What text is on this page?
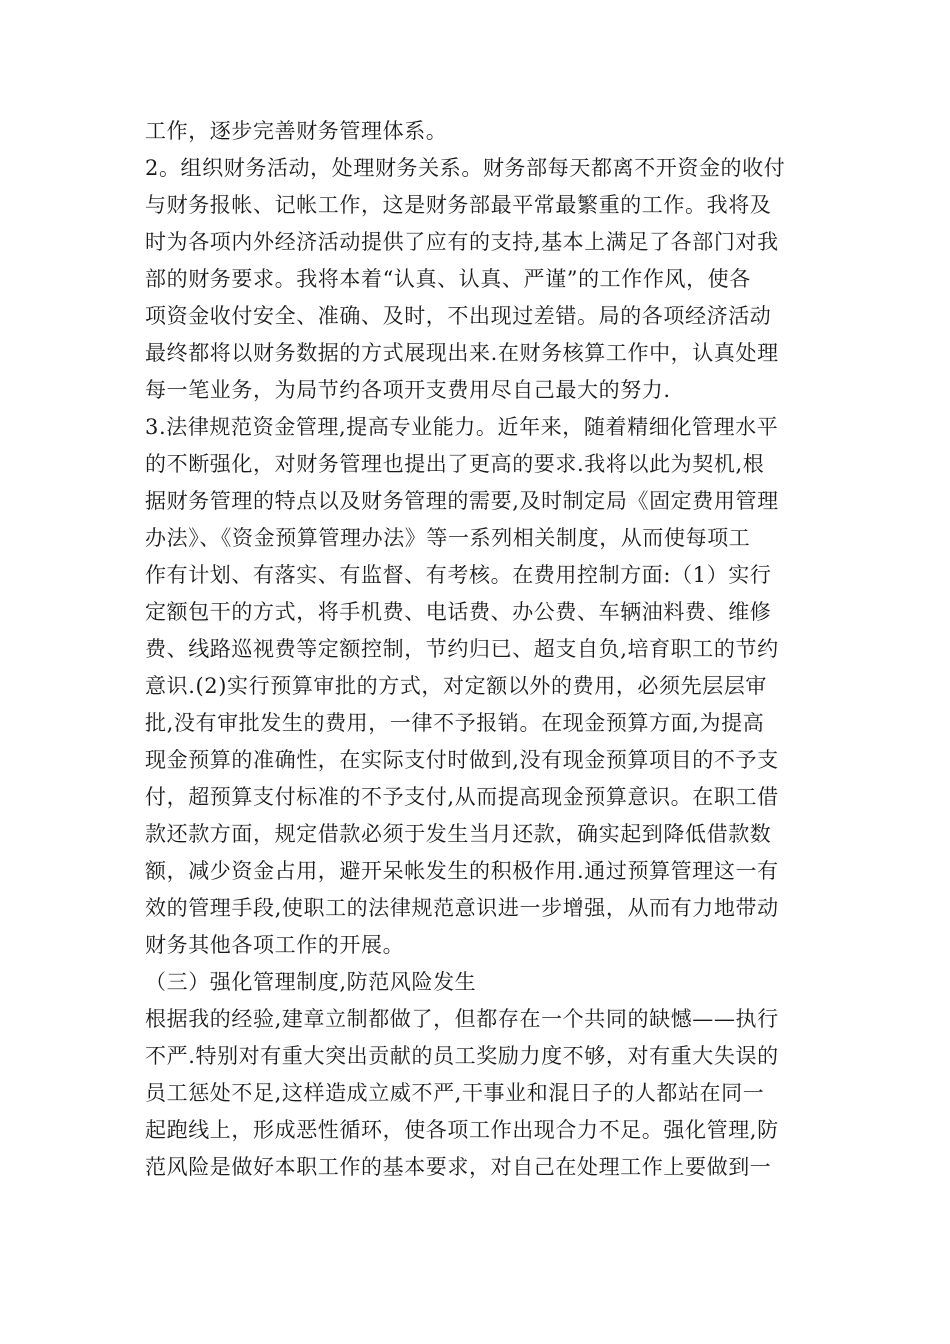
工作，逐步完善财务管理体系。
2。组织财务活动，处理财务关系。财务部每天都离不开资金的收付
与财务报帐、记帐工作，这是财务部最平常最繁重的工作。我将及
时为各项内外经济活动提供了应有的支持,基本上满足了各部门对我
部的财务要求。我将本着“认真、认真、严谨”的工作作风，使各
项资金收付安全、准确、及时，不出现过差错。局的各项经济活动
最终都将以财务数据的方式展现出来.在财务核算工作中，认真处理
每一笔业务，为局节约各项开支费用尽自己最大的努力.
3.法律规范资金管理,提高专业能力。近年来，随着精细化管理水平
的不断强化，对财务管理也提出了更高的要求.我将以此为契机,根
据财务管理的特点以及财务管理的需要,及时制定局《固定费用管理
办法》、《资金预算管理办法》等一系列相关制度，从而使每项工
作有计划、有落实、有监督、有考核。在费用控制方面:（1）实行
定额包干的方式，将手机费、电话费、办公费、车辆油料费、维修
费、线路巡视费等定额控制，节约归已、超支自负,培育职工的节约
意识.(2)实行预算审批的方式，对定额以外的费用，必须先层层审
批,没有审批发生的费用，一律不予报销。在现金预算方面,为提高
现金预算的准确性，在实际支付时做到,没有现金预算项目的不予支
付，超预算支付标准的不予支付,从而提高现金预算意识。在职工借
款还款方面，规定借款必须于发生当月还款，确实起到降低借款数
额，减少资金占用，避开呆帐发生的积极作用.通过预算管理这一有
效的管理手段,使职工的法律规范意识进一步增强，从而有力地带动
财务其他各项工作的开展。
（三）强化管理制度,防范风险发生
根据我的经验,建章立制都做了，但都存在一个共同的缺憾——执行
不严.特别对有重大突出贡献的员工奖励力度不够，对有重大失误的
员工惩处不足,这样造成立威不严,干事业和混日子的人都站在同一
起跑线上，形成恶性循环，使各项工作出现合力不足。强化管理,防
范风险是做好本职工作的基本要求，对自己在处理工作上要做到一
